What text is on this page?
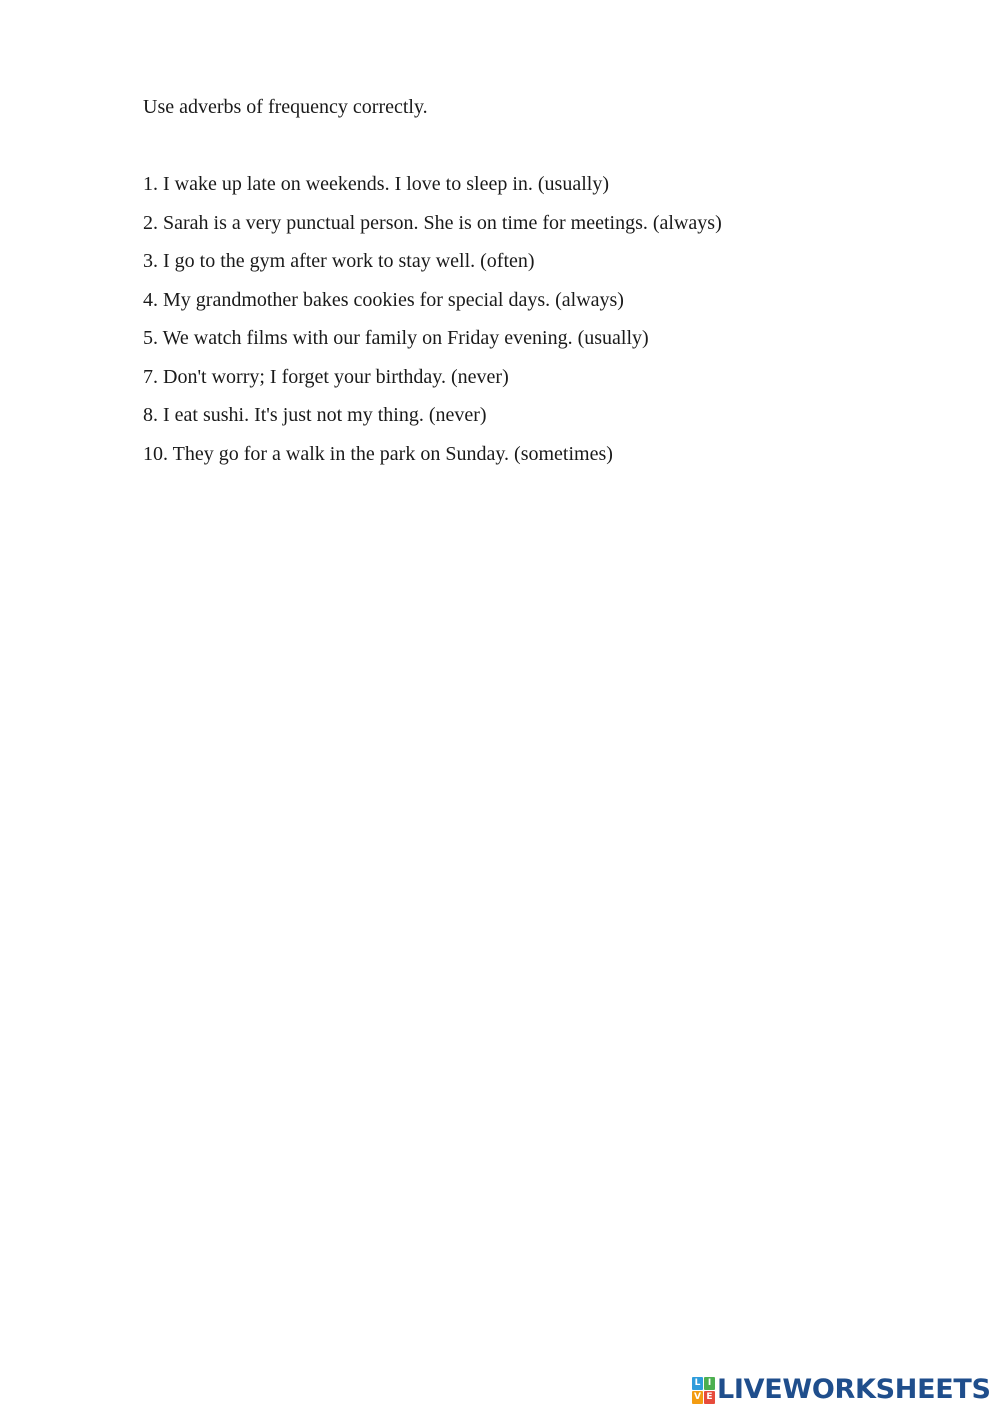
Use adverbs of frequency correctly.
1. I wake up late on weekends. I love to sleep in. (usually)
2. Sarah is a very punctual person. She is on time for meetings. (always)
3. I go to the gym after work to stay well. (often)
4. My grandmother bakes cookies for special days. (always)
5. We watch films with our family on Friday evening. (usually)
7. Don't worry; I forget your birthday. (never)
8. I eat sushi. It's just not my thing. (never)
10. They go for a walk in the park on Sunday. (sometimes)
L I
V E LIVEWORKSHEETS
